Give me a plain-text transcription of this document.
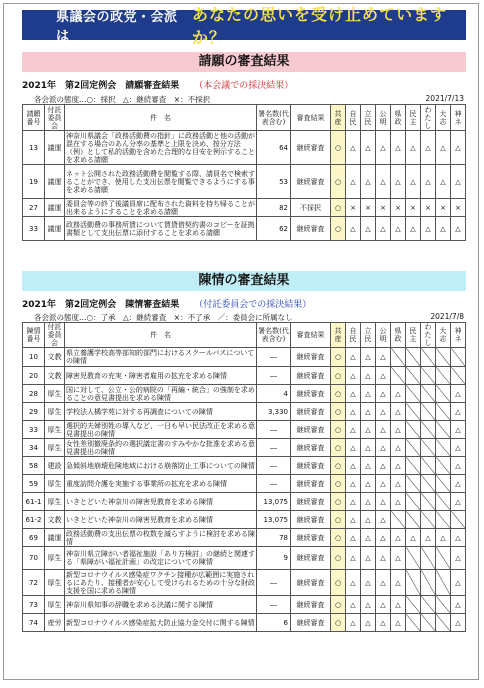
県議会の政党・会派は
あなたの思いを受け止めていますか？
請願の審査結果
2021年　第2回定例会　請願審査結果 （本会議での採決結果）
各会派の態度…○：採択　△：継続審査　×：不採択	2021/7/13
請願番号	付託委員会	件　名	署名数(代表含む)	審査結果	共産	自民	立民	公明	県政	民主	わたし	大志	神ネ
13	議運	神奈川県議会「政務活動費の指針」に政務活動と他の活動が混在する場合のあん分率の基準と上限を決め、按分方法（例）として私的活動を含めた合理的な目安を例示することを求める請願	64	継続審査	○	△	△	△	△	△	△	△	△
19	議運	ネット公開された政務活動費を閲覧する際、請員名で検索することができ、使用した支出伝票を閲覧できるようにする事を求める請願	53	継続審査	○	△	△	△	△	△	△	△	△
27	議運	委員会等の終了後議員席に配布された資料を持ち帰ることが出来るようにすることを求める請願	82	不採択	○	×	×	×	×	×	×	×	×
33	議運	政務活動費の事務所賃について賃貸借契約書のコピーを証拠書類として支出伝票に添付することを求める請願	62	継続審査	○	△	△	△	△	△	△	△	△
陳情の審査結果
2021年　第2回定例会　陳情審査結果 （付託委員会での採決結果）
各会派の態度…○：了承　△：継続審査　×：不了承　／：委員会に所属なし	2021/7/8
陳情番号	付託委員会	件　名	署名数(代表含む)	審査結果	共産	自民	立民	公明	県政	民主	わたし	大志	神ネ
10	文教	県立養護学校高等部知的部門におけるスクールバスについての陳情	―	継続審査	○	△	△	△					
20	文教	障害児教育の充実・障害者雇用の拡充を求める陳情	―	継続審査	○	△	△	△					
28	厚生	国に対して、公立・公的病院の「再編・統合」の強制を求めることの意見書提出を求める陳情	4	継続審査	○	△	△	△	△				△
29	厚生	学校法人橘学苑に対する再調査についての陳情	3,330	継続審査	○	△	△	△	△				△
33	厚生	選択的夫婦別姓の導入など、一日も早い民法改正を求める意見書提出の陳情	―	継続審査	○	△	△	△	△				△
34	厚生	女性差別撤廃条約の選択議定書のすみやかな批准を求める意見書提出の陳情	―	継続審査	○	△	△	△	△				△
58	建設	急傾斜地崩壊危険地域における崩落防止工事についての陳情	―	継続審査	○	△	△	△	△				△
59	厚生	重度訪問介護を実施する事業所の拡充を求める陳情	―	継続審査	○	△	△	△	△				△
61-1	厚生	いきとどいた神奈川の障害児教育を求める陳情	13,075	継続審査	○	△	△	△	△				△
61-2	文教	いきとどいた神奈川の障害児教育を求める陳情	13,075	継続審査	○	△	△	△					
69	議運	政務活動費の支出伝票の枚数を減らすように検討を求める陳情	78	継続審査	○	△	△	△	△	△	△	△	△
70	厚生	神奈川県立障がい者福祉施設「あり方検討」の継続と関連する「県障がい福祉計画」の改定についての陳情	9	継続審査	○	△	△	△	△				△
72	厚生	新型コロナウイルス感染症ワクチン接種が広範囲に実施されるにあたり、接種者が安心して受けられるための十分な財政支援を国に求める陳情	―	継続審査	○	△	△	△	△				△
73	厚生	神奈川県知事の辞職を求める決議に関する陳情	―	継続審査	○	△	△	△	△				△
74	産労	新型コロナウイルス感染症拡大防止協力金交付に関する陳情	6	継続審査	○	△	△	△	△				△
